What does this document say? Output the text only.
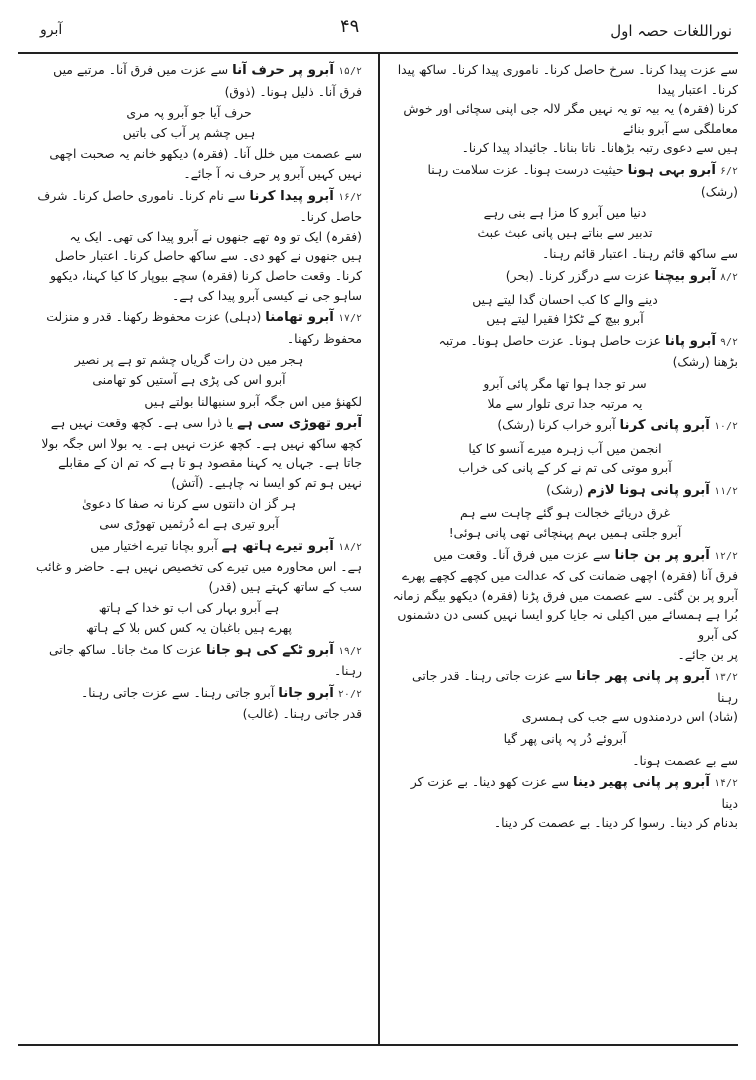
نوراللغات حصہ اول
۴۹
آبرو

سے عزت پیدا کرنا۔ سرخ حاصل کرنا۔ ناموری پیدا کرنا۔ ساکھ پیدا کرنا۔ اعتبار پیدا

کرنا (فقرہ) یہ بیہ تو یہ نہیں مگر لالہ جی اپنی سچائی اور خوش معاملگی سے آبرو بنائے

ہیں سے دعوی رتبہ بڑھانا۔ ناتا بنانا۔ جائیداد پیدا کرنا۔

۶/۲آبرو بہی ہونا حیثیت درست ہونا۔ عزت سلامت رہنا (رشک)

دنیا میں آبرو کا مزا ہے بنی رہے

تدبیر سے بناتے ہیں پانی عبث عبث

سے ساکھ قائم رہنا۔ اعتبار قائم رہنا۔

۸/۲آبرو بیچنا عزت سے درگزر کرنا۔ (بحر)

دینے والے کا کب احسان گدا لیتے ہیں

آبرو بیچ کے ٹکڑا فقیرا لیتے ہیں

۹/۲آبرو پانا عزت حاصل ہونا۔ عزت حاصل ہونا۔ مرتبہ

بڑھنا (رشک)

سر تو جدا ہوا تھا مگر پائی آبرو

یہ مرتبہ جدا تری تلوار سے ملا

۱۰/۲آبرو پانی کرنا آبرو خراب کرنا (رشک)

انجمن میں آب زہرہ میرے آنسو کا کیا

آبرو موتی کی تم نے کر کے پانی کی خراب

۱۱/۲آبرو پانی ہونا لازم (رشک)

غرق دریائے خجالت ہو گئے چاہت سے ہم

آبرو جلتی ہمیں بہم پہنچائی تھی پانی ہوئی!

۱۲/۲آبرو پر بن جانا سے عزت میں فرق آنا۔ وقعت میں

فرق آنا (فقرہ) اچھی ضمانت کی کہ عدالت میں کچھے کچھے پھرے

آبرو پر بن گئی۔ سے عصمت میں فرق پڑنا (فقرہ) دیکھو بیگم زمانہ

بُرا ہے ہمسائے میں اکیلی نہ جایا کرو ایسا نہیں کسی دن دشمنوں کی آبرو

پر بن جائے۔

۱۳/۲آبرو پر پانی پھر جانا سے عزت جاتی رہنا۔ قدر جاتی رہنا

(شاد) اس دردمندوں سے جب کی ہمسری

آبروئے دُر پہ پانی پھر گیا

سے بے عصمت ہونا۔

۱۴/۲آبرو پر پانی پھیر دینا سے عزت کھو دینا۔ بے عزت کر دینا

بدنام کر دینا۔ رسوا کر دینا۔ بے عصمت کر دینا۔

۱۵/۲آبرو پر حرف آنا سے عزت میں فرق آنا۔ مرتبے میں

فرق آنا۔ ذلیل ہونا۔ (ذوق)

حرف آیا جو آبرو پہ مری

ہیں چشم پر آب کی باتیں

سے عصمت میں خلل آنا۔ (فقرہ) دیکھو خانم یہ صحبت اچھی

نہیں کہیں آبرو پر حرف نہ آ جائے۔

۱۶/۲آبرو پیدا کرنا سے نام کرنا۔ ناموری حاصل کرنا۔ شرف حاصل کرنا۔

(فقرہ) ایک تو وہ تھے جنھوں نے آبرو پیدا کی تھی۔ ایک یہ

ہیں جنھوں نے کھو دی۔ سے ساکھ حاصل کرنا۔ اعتبار حاصل

کرنا۔ وقعت حاصل کرنا (فقرہ) سچے بیوپار کا کیا کہنا، دیکھو

ساہو جی نے کیسی آبرو پیدا کی ہے۔

۱۷/۲آبرو تھامنا (دہلی) عزت محفوظ رکھنا۔ قدر و منزلت

محفوظ رکھنا۔

ہجر میں دن رات گریاں چشم تو ہے پر نصیر

آبرو اس کی پڑی ہے آستیں کو تھامنی

لکھنؤ میں اس جگہ آبرو سنبھالنا بولتے ہیں

آبرو تھوڑی سی ہے یا ذرا سی ہے۔ کچھ وقعت نہیں ہے

کچھ ساکھ نہیں ہے۔ کچھ عزت نہیں ہے۔ یہ بولا اس جگہ بولا

جاتا ہے۔ جہاں یہ کہنا مقصود ہو تا ہے کہ تم ان کے مقابلے

نہیں ہو تم کو ایسا نہ چاہیے۔ (آتش)

ہر گز ان دانتوں سے کرنا نہ صفا کا دعویٰ

آبرو تیری ہے اے دُرثمیں تھوڑی سی

۱۸/۲آبرو تیرے ہاتھ ہے آبرو بچانا تیرے اختیار میں

ہے۔ اس محاورہ میں تیرے کی تخصیص نہیں ہے۔ حاضر و غائب

سب کے ساتھ کہتے ہیں (قدر)

ہے آبرو بہار کی اب تو خدا کے ہاتھ

پھرے ہیں باغبان یہ کس کس بلا کے ہاتھ

۱۹/۲آبرو ٹکے کی ہو جانا عزت کا مٹ جانا۔ ساکھ جاتی

رہنا۔

۲۰/۲آبرو جانا آبرو جاتی رہنا۔ سے عزت جاتی رہنا۔

قدر جاتی رہنا۔ (غالب)
